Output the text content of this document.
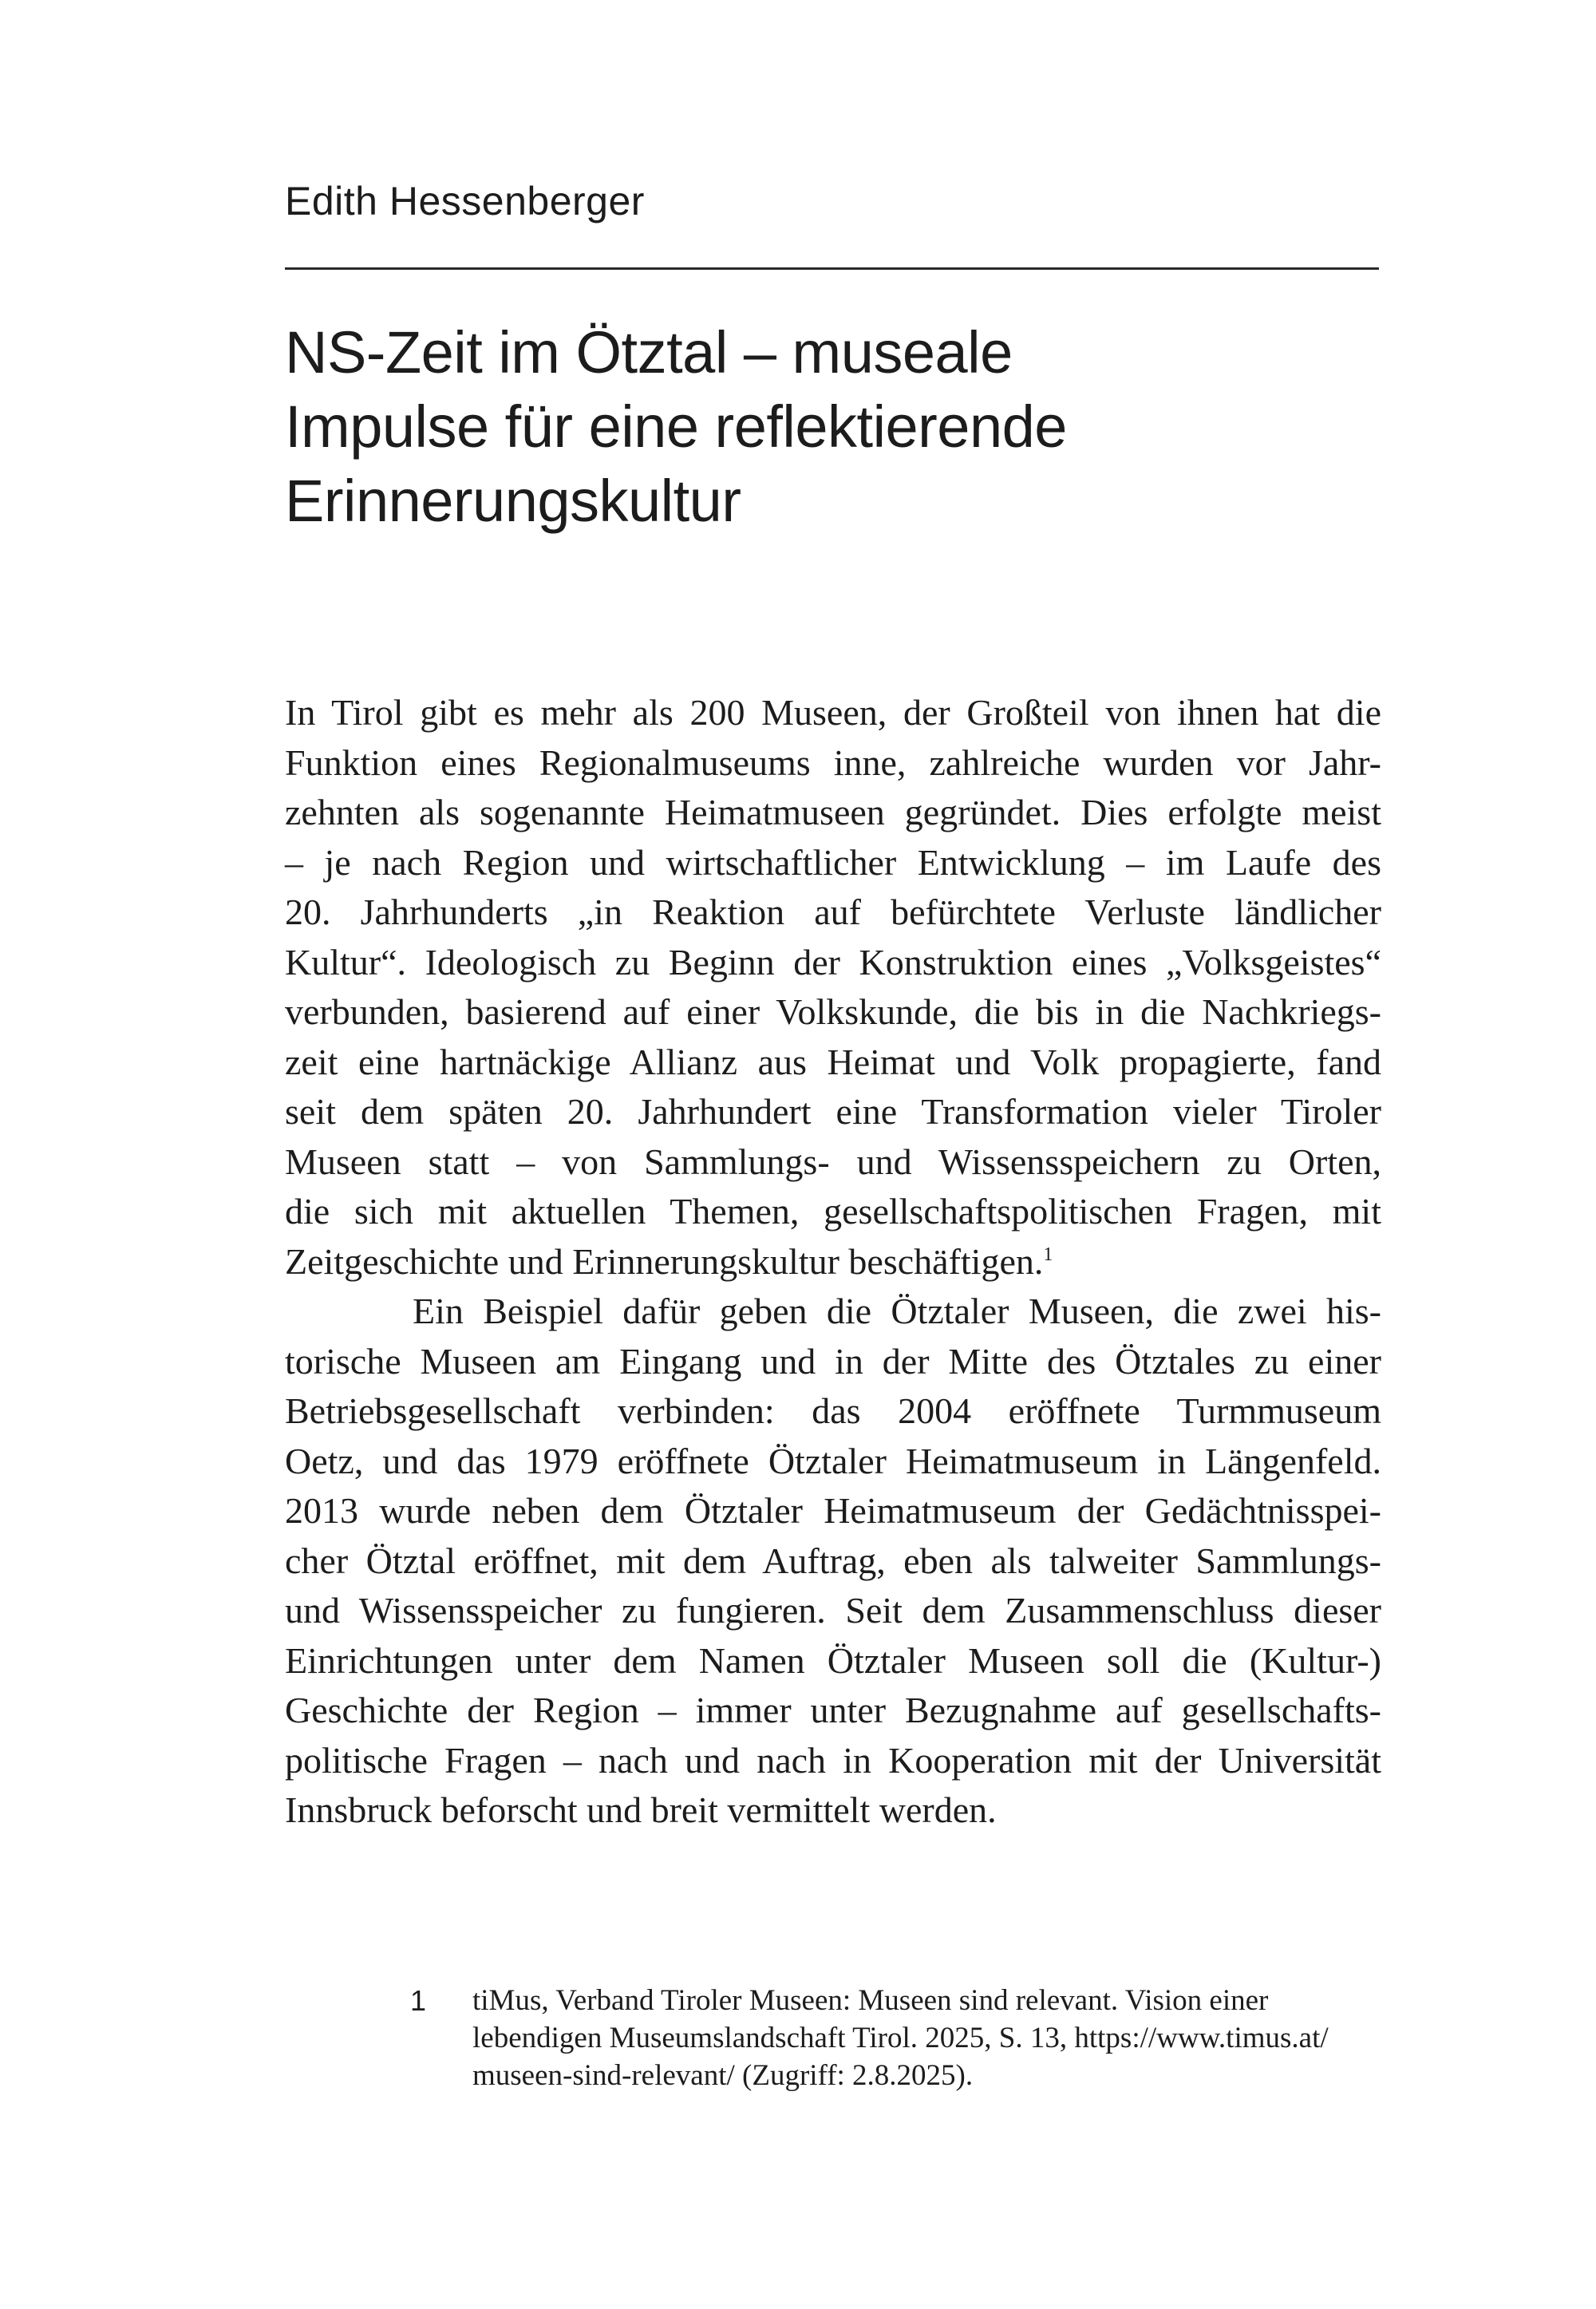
Edith Hessenberger
NS-Zeit im Ötztal – museale
Impulse für eine reflektierende
Erinnerungskultur
In Tirol gibt es mehr als 200 Museen, der Großteil von ihnen hat die
Funktion eines Regionalmuseums inne, zahlreiche wurden vor Jahr-
zehnten als sogenannte Heimatmuseen gegründet. Dies erfolgte meist
– je nach Region und wirtschaftlicher Entwicklung – im Laufe des
20. Jahrhunderts „in Reaktion auf befürchtete Verluste ländlicher
Kultur“. Ideologisch zu Beginn der Konstruktion eines „Volksgeistes“
verbunden, basierend auf einer Volkskunde, die bis in die Nachkriegs-
zeit eine hartnäckige Allianz aus Heimat und Volk propagierte, fand
seit dem späten 20. Jahrhundert eine Transformation vieler Tiroler
Museen statt – von Sammlungs- und Wissensspeichern zu Orten,
die sich mit aktuellen Themen, gesellschaftspolitischen Fragen, mit
Zeitgeschichte und Erinnerungskultur beschäftigen.$^1$
Ein Beispiel dafür geben die Ötztaler Museen, die zwei his-
torische Museen am Eingang und in der Mitte des Ötztales zu einer
Betriebsgesellschaft verbinden: das 2004 eröffnete Turmmuseum
Oetz, und das 1979 eröffnete Ötztaler Heimatmuseum in Längenfeld.
2013 wurde neben dem Ötztaler Heimatmuseum der Gedächtnisspei-
cher Ötztal eröffnet, mit dem Auftrag, eben als talweiter Sammlungs-
und Wissensspeicher zu fungieren. Seit dem Zusammenschluss dieser
Einrichtungen unter dem Namen Ötztaler Museen soll die (Kultur-)
Geschichte der Region – immer unter Bezugnahme auf gesellschafts-
politische Fragen – nach und nach in Kooperation mit der Universität
Innsbruck beforscht und breit vermittelt werden.
1	tiMus, Verband Tiroler Museen: Museen sind relevant. Vision einer
lebendigen Museumslandschaft Tirol. 2025, S. 13, https://www.timus.at/
museen-sind-relevant/ (Zugriff: 2.8.2025).
